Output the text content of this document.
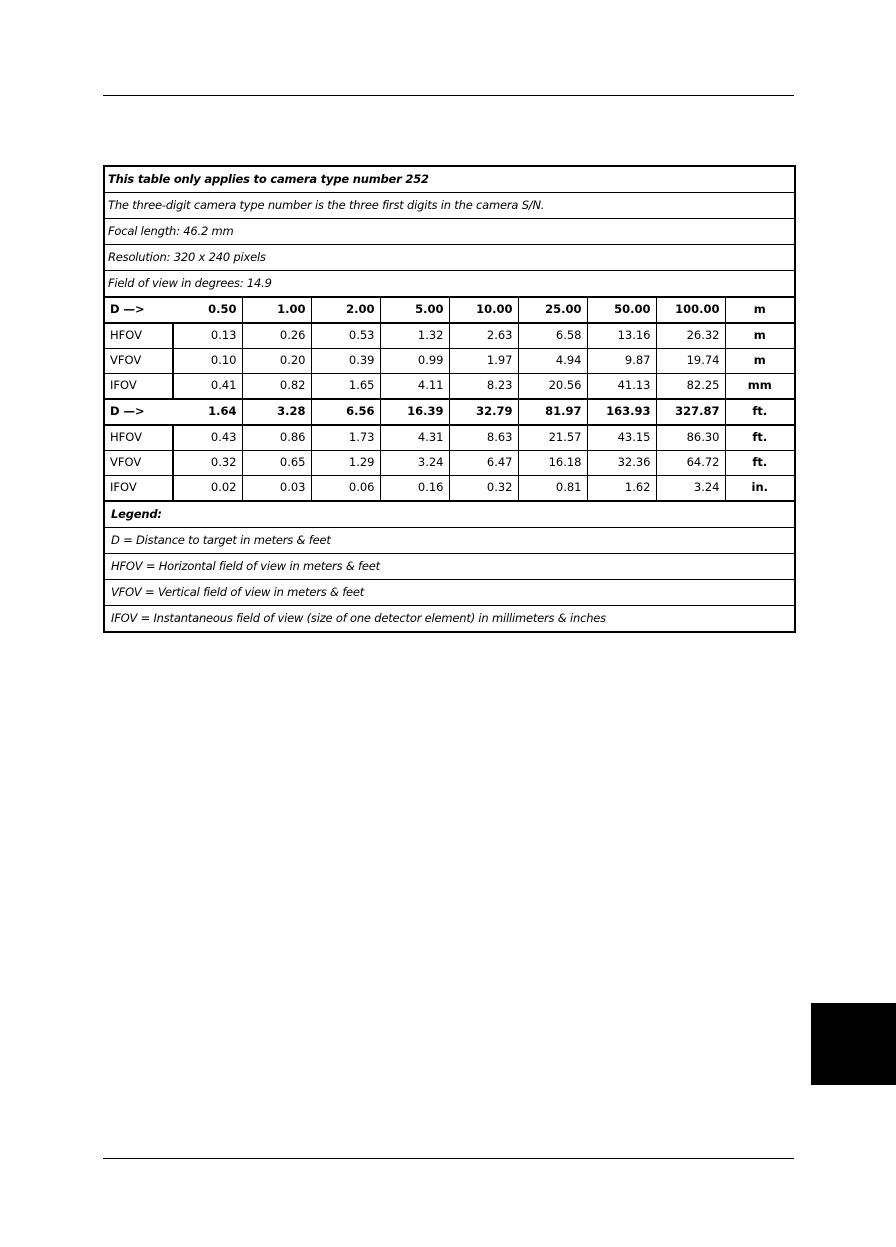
This table only applies to camera type number 252									
The three-digit camera type number is the three first digits in the camera S/N.									
Focal length: 46.2 mm									
Resolution: 320 x 240 pixels									
Field of view in degrees: 14.9									
D —>	0.50	1.00	2.00	5.00	10.00	25.00	50.00	100.00	m
HFOV	0.13	0.26	0.53	1.32	2.63	6.58	13.16	26.32	m
VFOV	0.10	0.20	0.39	0.99	1.97	4.94	9.87	19.74	m
IFOV	0.41	0.82	1.65	4.11	8.23	20.56	41.13	82.25	mm
D —>	1.64	3.28	6.56	16.39	32.79	81.97	163.93	327.87	ft.
HFOV	0.43	0.86	1.73	4.31	8.63	21.57	43.15	86.30	ft.
VFOV	0.32	0.65	1.29	3.24	6.47	16.18	32.36	64.72	ft.
IFOV	0.02	0.03	0.06	0.16	0.32	0.81	1.62	3.24	in.
Legend:									
D = Distance to target in meters & feet									
HFOV = Horizontal field of view in meters & feet									
VFOV = Vertical field of view in meters & feet									
IFOV = Instantaneous field of view (size of one detector element) in millimeters & inches									
